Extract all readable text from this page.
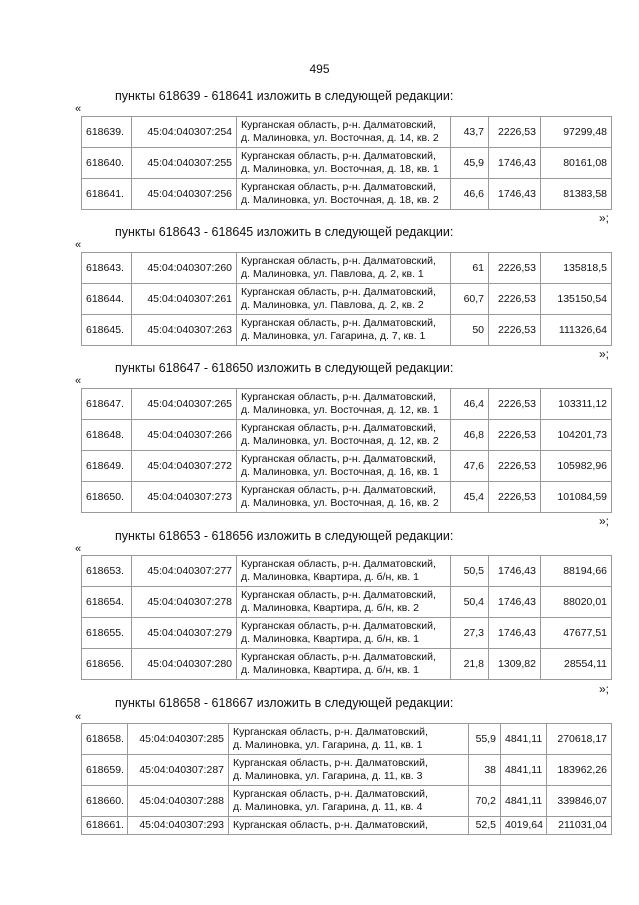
495
пункты 618639 - 618641 изложить в следующей редакции:
«
618639.	45:04:040307:254	Курганская область, р-н. Далматовский,
д. Малиновка, ул. Восточная, д. 14, кв. 2	43,7	2226,53	97299,48
618640.	45:04:040307:255	Курганская область, р-н. Далматовский,
д. Малиновка, ул. Восточная, д. 18, кв. 1	45,9	1746,43	80161,08
618641.	45:04:040307:256	Курганская область, р-н. Далматовский,
д. Малиновка, ул. Восточная, д. 18, кв. 2	46,6	1746,43	81383,58
»;
пункты 618643 - 618645 изложить в следующей редакции:
«
618643.	45:04:040307:260	Курганская область, р-н. Далматовский,
д. Малиновка, ул. Павлова, д. 2, кв. 1	61	2226,53	135818,5
618644.	45:04:040307:261	Курганская область, р-н. Далматовский,
д. Малиновка, ул. Павлова, д. 2, кв. 2	60,7	2226,53	135150,54
618645.	45:04:040307:263	Курганская область, р-н. Далматовский,
д. Малиновка, ул. Гагарина, д. 7, кв. 1	50	2226,53	111326,64
»;
пункты 618647 - 618650 изложить в следующей редакции:
«
618647.	45:04:040307:265	Курганская область, р-н. Далматовский,
д. Малиновка, ул. Восточная, д. 12, кв. 1	46,4	2226,53	103311,12
618648.	45:04:040307:266	Курганская область, р-н. Далматовский,
д. Малиновка, ул. Восточная, д. 12, кв. 2	46,8	2226,53	104201,73
618649.	45:04:040307:272	Курганская область, р-н. Далматовский,
д. Малиновка, ул. Восточная, д. 16, кв. 1	47,6	2226,53	105982,96
618650.	45:04:040307:273	Курганская область, р-н. Далматовский,
д. Малиновка, ул. Восточная, д. 16, кв. 2	45,4	2226,53	101084,59
»;
пункты 618653 - 618656 изложить в следующей редакции:
«
618653.	45:04:040307:277	Курганская область, р-н. Далматовский,
д. Малиновка, Квартира, д. б/н, кв. 1	50,5	1746,43	88194,66
618654.	45:04:040307:278	Курганская область, р-н. Далматовский,
д. Малиновка, Квартира, д. б/н, кв. 2	50,4	1746,43	88020,01
618655.	45:04:040307:279	Курганская область, р-н. Далматовский,
д. Малиновка, Квартира, д. б/н, кв. 1	27,3	1746,43	47677,51
618656.	45:04:040307:280	Курганская область, р-н. Далматовский,
д. Малиновка, Квартира, д. б/н, кв. 1	21,8	1309,82	28554,11
»;
пункты 618658 - 618667 изложить в следующей редакции:
«
618658.	45:04:040307:285	Курганская область, р-н. Далматовский,
д. Малиновка, ул. Гагарина, д. 11, кв. 1	55,9	4841,11	270618,17
618659.	45:04:040307:287	Курганская область, р-н. Далматовский,
д. Малиновка, ул. Гагарина, д. 11, кв. 3	38	4841,11	183962,26
618660.	45:04:040307:288	Курганская область, р-н. Далматовский,
д. Малиновка, ул. Гагарина, д. 11, кв. 4	70,2	4841,11	339846,07
618661.	45:04:040307:293	Курганская область, р-н. Далматовский,	52,5	4019,64	211031,04
